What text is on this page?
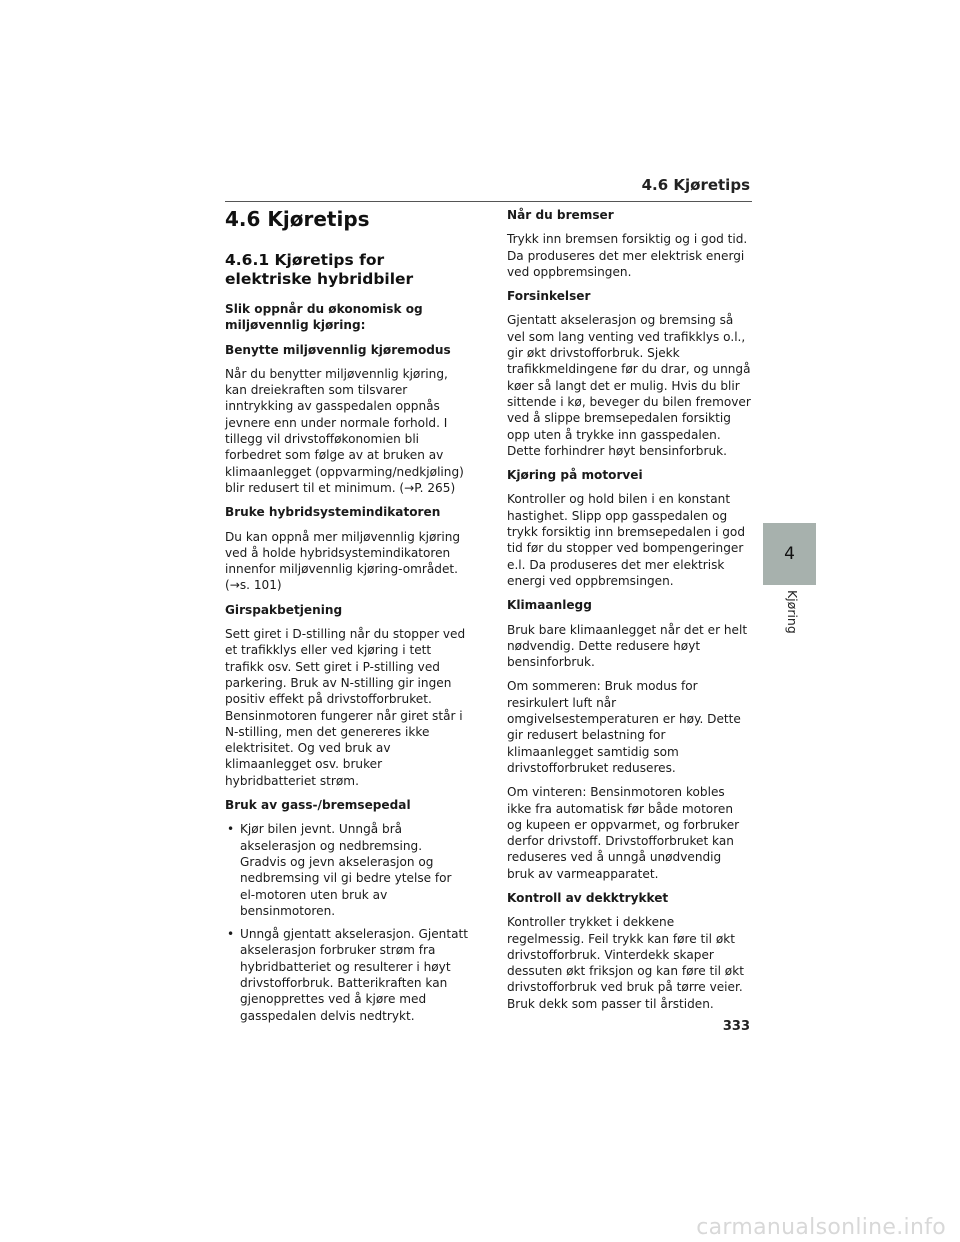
4.6 Kjøretips
4.6 Kjøretips
4.6.1 Kjøretips for elektriske hybridbiler
Slik oppnår du økonomisk og miljøvennlig kjøring:
Benytte miljøvennlig kjøremodus
Når du benytter miljøvennlig kjøring, kan dreiekraften som tilsvarer inntrykking av gasspedalen oppnås jevnere enn under normale forhold. I tillegg vil drivstofføkonomien bli forbedret som følge av at bruken av klimaanlegget (oppvarming/nedkjøling) blir redusert til et minimum. (→P. 265)
Bruke hybridsystemindikatoren
Du kan oppnå mer miljøvennlig kjøring ved å holde hybridsystemindikatoren innenfor miljøvennlig kjøring-området. (→s. 101)
Girspakbetjening
Sett giret i D-stilling når du stopper ved et trafikklys eller ved kjøring i tett trafikk osv. Sett giret i P-stilling ved parkering. Bruk av N-stilling gir ingen positiv effekt på drivstofforbruket. Bensinmotoren fungerer når giret står i N-stilling, men det genereres ikke elektrisitet. Og ved bruk av klimaanlegget osv. bruker hybridbatteriet strøm.
Bruk av gass-/bremsepedal
• Kjør bilen jevnt. Unngå brå akselerasjon og nedbremsing. Gradvis og jevn akselerasjon og nedbremsing vil gi bedre ytelse for el-motoren uten bruk av bensinmotoren.
• Unngå gjentatt akselerasjon. Gjentatt akselerasjon forbruker strøm fra hybridbatteriet og resulterer i høyt drivstofforbruk. Batterikraften kan gjenopprettes ved å kjøre med gasspedalen delvis nedtrykt.
Når du bremser
Trykk inn bremsen forsiktig og i god tid. Da produseres det mer elektrisk energi ved oppbremsingen.
Forsinkelser
Gjentatt akselerasjon og bremsing så vel som lang venting ved trafikklys o.l., gir økt drivstofforbruk. Sjekk trafikkmeldingene før du drar, og unngå køer så langt det er mulig. Hvis du blir sittende i kø, beveger du bilen fremover ved å slippe bremsepedalen forsiktig opp uten å trykke inn gasspedalen. Dette forhindrer høyt bensinforbruk.
Kjøring på motorvei
Kontroller og hold bilen i en konstant hastighet. Slipp opp gasspedalen og trykk forsiktig inn bremsepedalen i god tid før du stopper ved bompengeringer e.l. Da produseres det mer elektrisk energi ved oppbremsingen.
Klimaanlegg
Bruk bare klimaanlegget når det er helt nødvendig. Dette redusere høyt bensinforbruk.
Om sommeren: Bruk modus for resirkulert luft når omgivelsestemperaturen er høy. Dette gir redusert belastning for klimaanlegget samtidig som drivstofforbruket reduseres.
Om vinteren: Bensinmotoren kobles ikke fra automatisk før både motoren og kupeen er oppvarmet, og forbruker derfor drivstoff. Drivstofforbruket kan reduseres ved å unngå unødvendig bruk av varmeapparatet.
Kontroll av dekktrykket
Kontroller trykket i dekkene regelmessig. Feil trykk kan føre til økt drivstofforbruk. Vinterdekk skaper dessuten økt friksjon og kan føre til økt drivstofforbruk ved bruk på tørre veier. Bruk dekk som passer til årstiden.
4
Kjøring
333
carmanualsonline.info
